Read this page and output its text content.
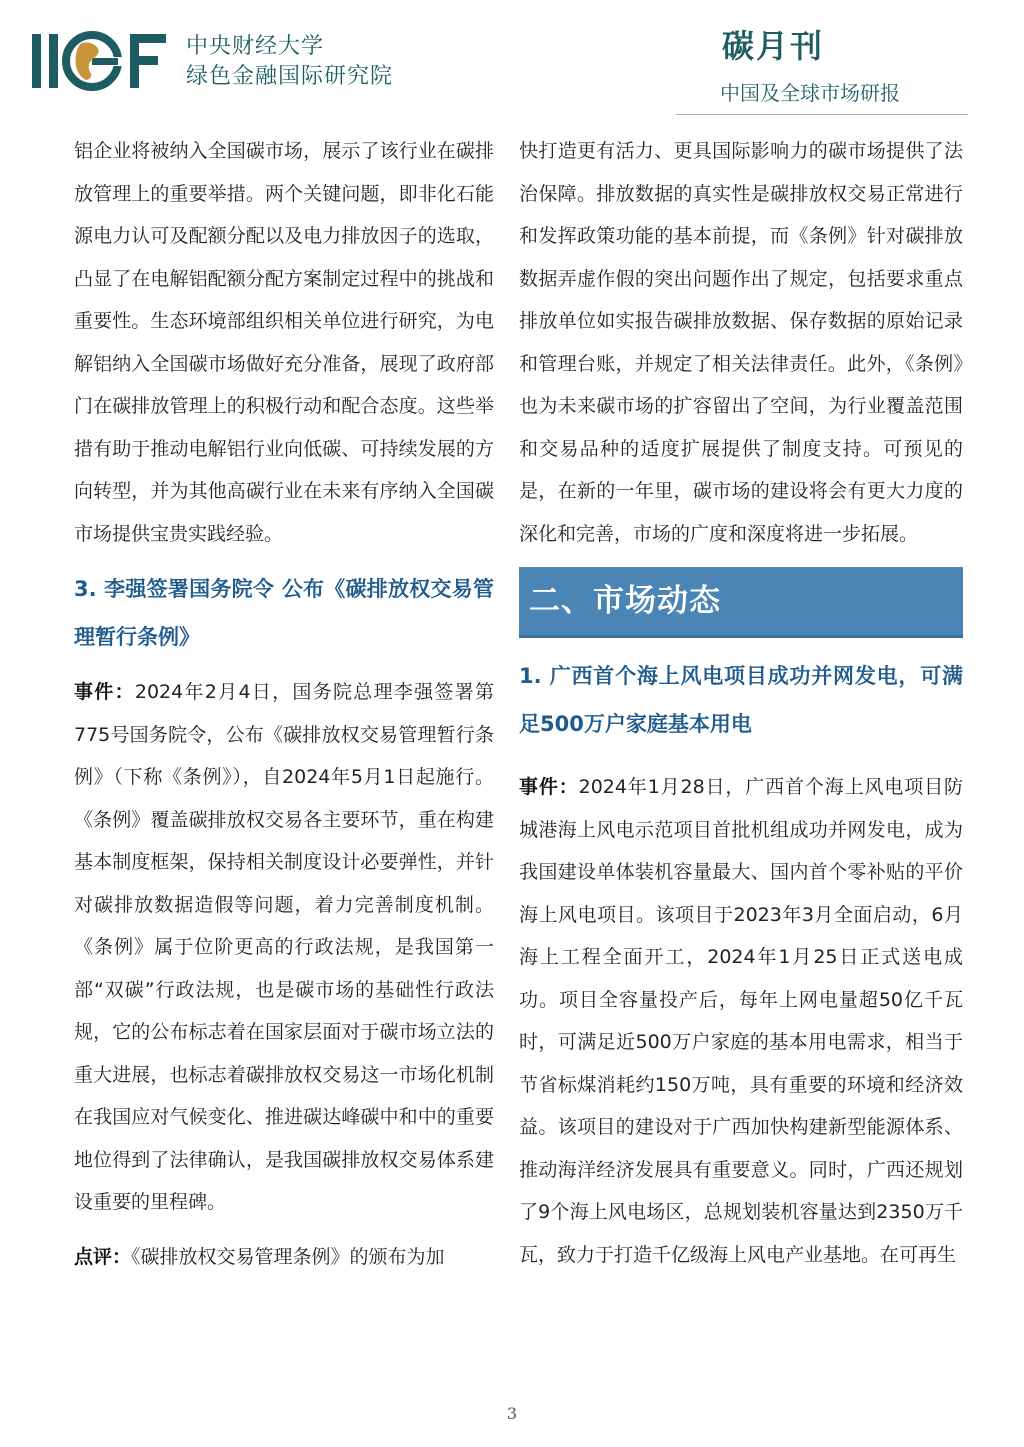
中央财经大学
绿色金融国际研究院
碳月刊
中国及全球市场研报

铝企业将被纳入全国碳市场，展示了该行业在碳排放管理上的重要举措。两个关键问题，即非化石能源电力认可及配额分配以及电力排放因子的选取，凸显了在电解铝配额分配方案制定过程中的挑战和重要性。生态环境部组织相关单位进行研究，为电解铝纳入全国碳市场做好充分准备，展现了政府部门在碳排放管理上的积极行动和配合态度。这些举措有助于推动电解铝行业向低碳、可持续发展的方向转型，并为其他高碳行业在未来有序纳入全国碳市场提供宝贵实践经验。

3. 李强签署国务院令 公布《碳排放权交易管理暂行条例》

事件：2024年2月4日，国务院总理李强签署第775号国务院令，公布《碳排放权交易管理暂行条例》（下称《条例》），自2024年5月1日起施行。《条例》覆盖碳排放权交易各主要环节，重在构建基本制度框架，保持相关制度设计必要弹性，并针对碳排放数据造假等问题，着力完善制度机制。《条例》属于位阶更高的行政法规，是我国第一部“双碳”行政法规，也是碳市场的基础性行政法规，它的公布标志着在国家层面对于碳市场立法的重大进展，也标志着碳排放权交易这一市场化机制在我国应对气候变化、推进碳达峰碳中和中的重要地位得到了法律确认，是我国碳排放权交易体系建设重要的里程碑。

点评：《碳排放权交易管理条例》的颁布为加

快打造更有活力、更具国际影响力的碳市场提供了法治保障。排放数据的真实性是碳排放权交易正常进行和发挥政策功能的基本前提，而《条例》针对碳排放数据弄虚作假的突出问题作出了规定，包括要求重点排放单位如实报告碳排放数据、保存数据的原始记录和管理台账，并规定了相关法律责任。此外，《条例》也为未来碳市场的扩容留出了空间，为行业覆盖范围和交易品种的适度扩展提供了制度支持。可预见的是，在新的一年里，碳市场的建设将会有更大力度的深化和完善，市场的广度和深度将进一步拓展。

二、市场动态
1. 广西首个海上风电项目成功并网发电，可满足500万户家庭基本用电

事件：2024年1月28日，广西首个海上风电项目防城港海上风电示范项目首批机组成功并网发电，成为我国建设单体装机容量最大、国内首个零补贴的平价海上风电项目。该项目于2023年3月全面启动，6月海上工程全面开工，2024年1月25日正式送电成功。项目全容量投产后，每年上网电量超50亿千瓦时，可满足近500万户家庭的基本用电需求，相当于节省标煤消耗约150万吨，具有重要的环境和经济效益。该项目的建设对于广西加快构建新型能源体系、推动海洋经济发展具有重要意义。同时，广西还规划了9个海上风电场区，总规划装机容量达到2350万千瓦，致力于打造千亿级海上风电产业基地。在可再生

3
